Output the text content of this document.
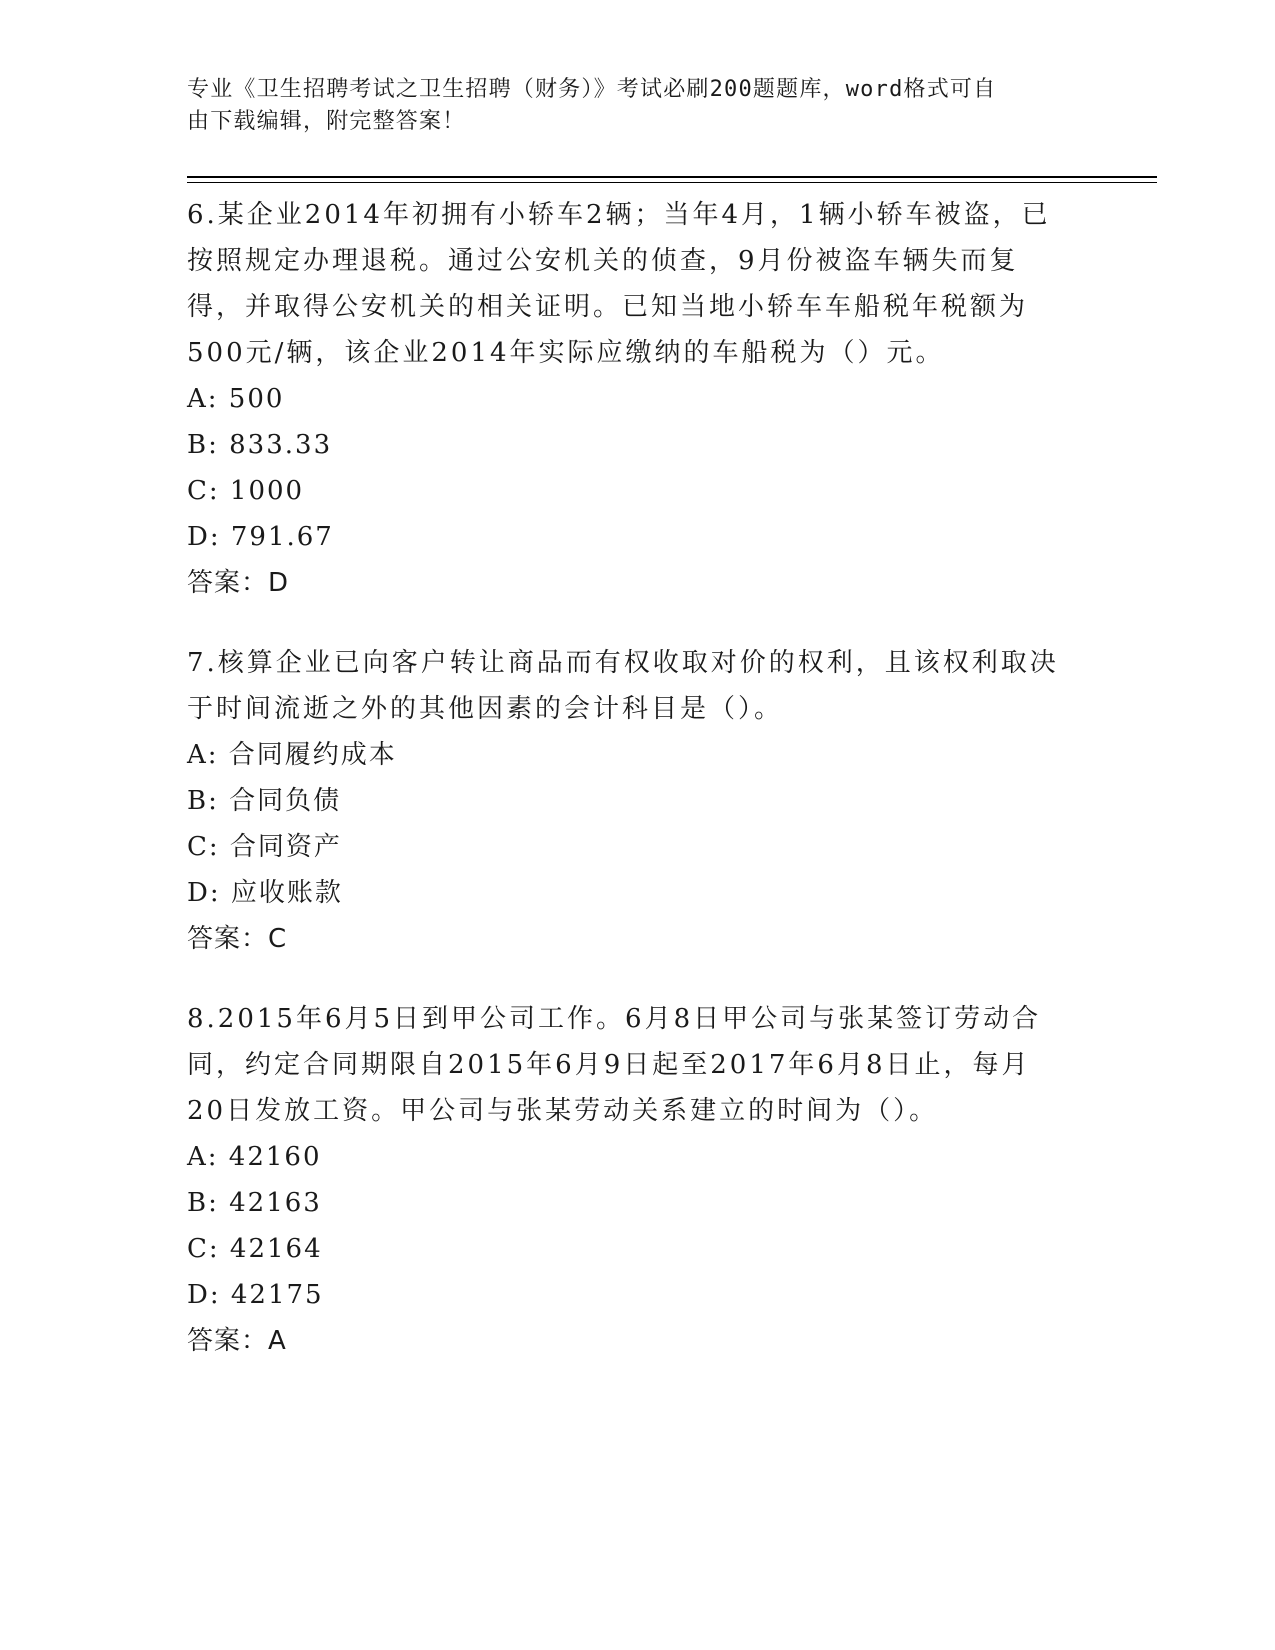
专业《卫生招聘考试之卫生招聘（财务）》考试必刷200题题库，word格式可自
由下载编辑，附完整答案！
6.某企业2014年初拥有小轿车2辆；当年4月，1辆小轿车被盗，已按照规定办理退税。通过公安机关的侦查，9月份被盗车辆失而复得，并取得公安机关的相关证明。已知当地小轿车车船税年税额为500元/辆，该企业2014年实际应缴纳的车船税为（）元。
A: 500
B: 833.33
C: 1000
D: 791.67
答案：D
7.核算企业已向客户转让商品而有权收取对价的权利，且该权利取决于时间流逝之外的其他因素的会计科目是（）。
A: 合同履约成本
B: 合同负债
C: 合同资产
D: 应收账款
答案：C
8.2015年6月5日到甲公司工作。6月8日甲公司与张某签订劳动合同，约定合同期限自2015年6月9日起至2017年6月8日止，每月20日发放工资。甲公司与张某劳动关系建立的时间为（）。
A: 42160
B: 42163
C: 42164
D: 42175
答案：A
